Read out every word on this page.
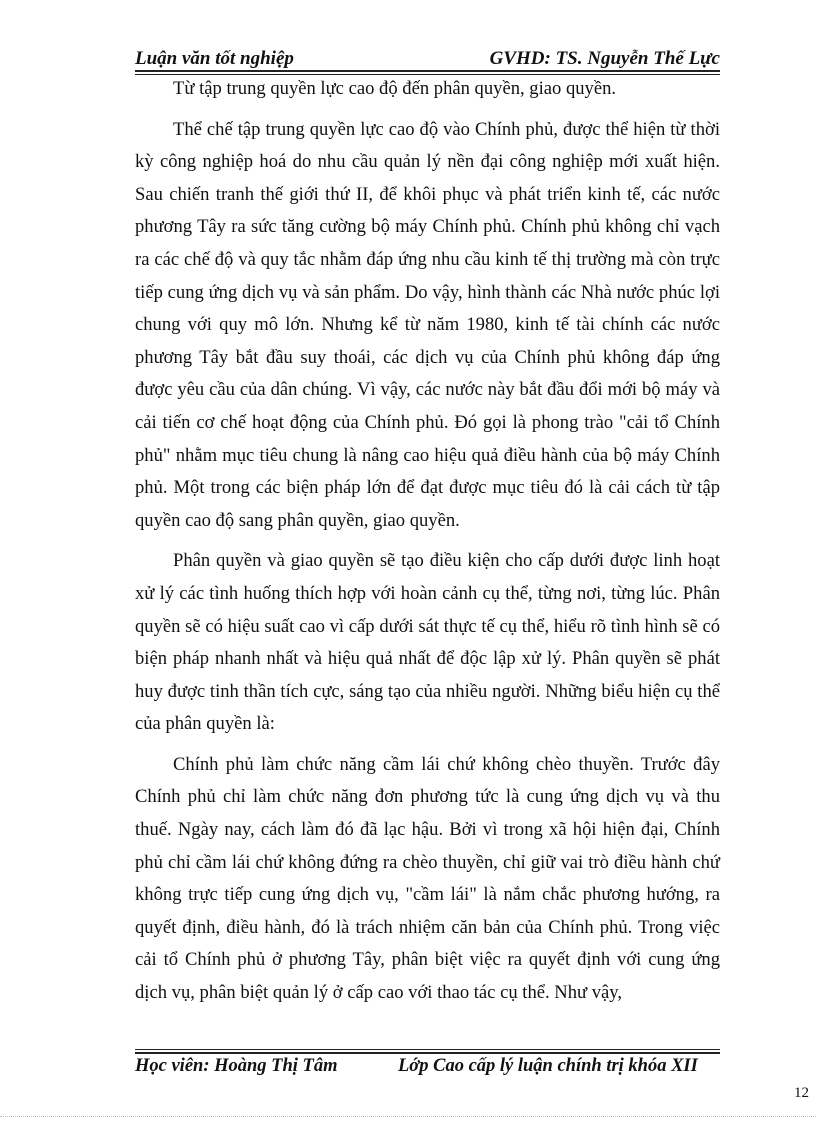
Luận văn tốt nghiệp	GVHD: TS. Nguyễn Thế Lực

Từ tập trung quyền lực cao độ đến phân quyền, giao quyền.

Thể chế tập trung quyền lực cao độ vào Chính phủ, được thể hiện từ thời kỳ công nghiệp hoá do nhu cầu quản lý nền đại công nghiệp mới xuất hiện. Sau chiến tranh thế giới thứ II, để khôi phục và phát triển kinh tế, các nước phương Tây ra sức tăng cường bộ máy Chính phủ. Chính phủ không chỉ vạch ra các chế độ và quy tắc nhằm đáp ứng nhu cầu kinh tế thị trường mà còn trực tiếp cung ứng dịch vụ và sản phẩm. Do vậy, hình thành các Nhà nước phúc lợi chung với quy mô lớn. Nhưng kể từ năm 1980, kinh tế tài chính các nước phương Tây bắt đầu suy thoái, các dịch vụ của Chính phủ không đáp ứng được yêu cầu của dân chúng. Vì vậy, các nước này bắt đầu đổi mới bộ máy và cải tiến cơ chế hoạt động của Chính phủ. Đó gọi là phong trào "cải tổ Chính phủ" nhằm mục tiêu chung là nâng cao hiệu quả điều hành của bộ máy Chính phủ. Một trong các biện pháp lớn để đạt được mục tiêu đó là cải cách từ tập quyền cao độ sang phân quyền, giao quyền.

Phân quyền và giao quyền sẽ tạo điều kiện cho cấp dưới được linh hoạt xử lý các tình huống thích hợp với hoàn cảnh cụ thể, từng nơi, từng lúc. Phân quyền sẽ có hiệu suất cao vì cấp dưới sát thực tế cụ thể, hiểu rõ tình hình sẽ có biện pháp nhanh nhất và hiệu quả nhất để độc lập xử lý. Phân quyền sẽ phát huy được tinh thần tích cực, sáng tạo của nhiều người. Những biểu hiện cụ thể của phân quyền là:

Chính phủ làm chức năng cầm lái chứ không chèo thuyền. Trước đây Chính phủ chỉ làm chức năng đơn phương tức là cung ứng dịch vụ và thu thuế. Ngày nay, cách làm đó đã lạc hậu. Bởi vì trong xã hội hiện đại, Chính phủ chỉ cầm lái chứ không đứng ra chèo thuyền, chỉ giữ vai trò điều hành chứ không trực tiếp cung ứng dịch vụ, "cầm lái" là nắm chắc phương hướng, ra quyết định, điều hành, đó là trách nhiệm căn bản của Chính phủ. Trong việc cải tổ Chính phủ ở phương Tây, phân biệt việc ra quyết định với cung ứng dịch vụ, phân biệt quản lý ở cấp cao với thao tác cụ thể. Như vậy,

Học viên: Hoàng Thị Tâm	Lớp Cao cấp lý luận chính trị khóa XII
12
